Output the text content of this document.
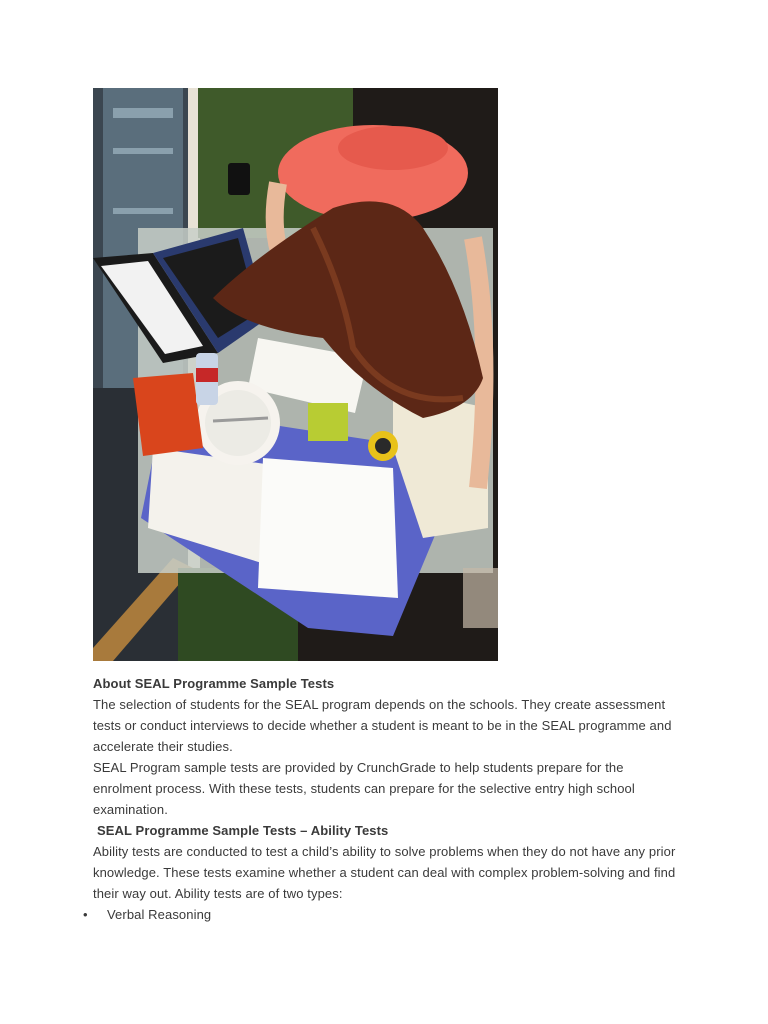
About SEAL Programme Sample Tests

The selection of students for the SEAL program depends on the schools. They create assessment tests or conduct interviews to decide whether a student is meant to be in the SEAL programme and accelerate their studies.

SEAL Program sample tests are provided by CrunchGrade to help students prepare for the enrolment process. With these tests, students can prepare for the selective entry high school examination.

SEAL Programme Sample Tests – Ability Tests

Ability tests are conducted to test a child’s ability to solve problems when they do not have any prior knowledge. These tests examine whether a student can deal with complex problem-solving and find their way out. Ability tests are of two types:

• Verbal Reasoning
